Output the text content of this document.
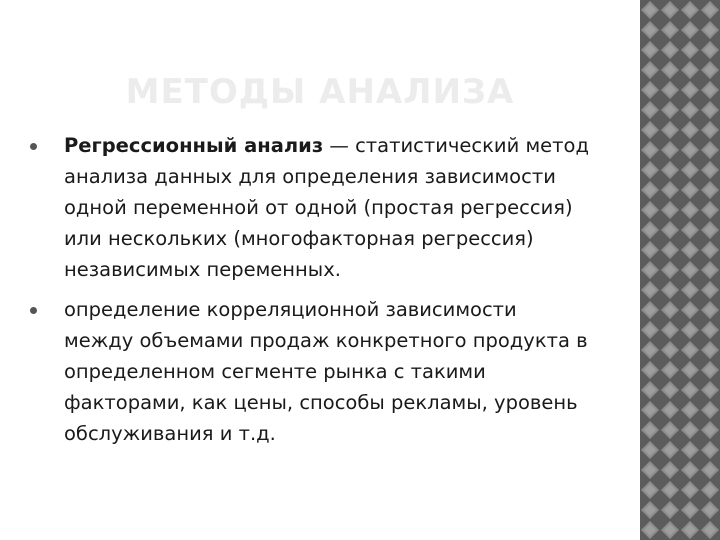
МЕТОДЫ АНАЛИЗА
Регрессионный анализ — статистический метод анализа данных для определения зависимости одной переменной от одной (простая регрессия) или нескольких (многофакторная регрессия) независимых переменных.
определение корреляционной зависимости между объемами продаж конкретного продукта в определенном сегменте рынка с такими факторами, как цены, способы рекламы, уровень обслуживания и т.д.
